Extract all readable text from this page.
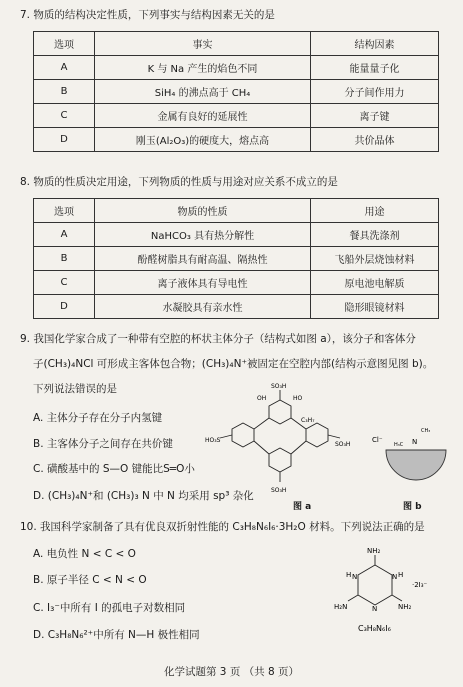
7. 物质的结构决定性质，下列事实与结构因素无关的是
选项	事实	结构因素
A	K 与 Na 产生的焰色不同	能量量子化
B	SiH₄ 的沸点高于 CH₄	分子间作用力
C	金属有良好的延展性	离子键
D	刚玉(Al₂O₃)的硬度大，熔点高	共价晶体
8. 物质的性质决定用途，下列物质的性质与用途对应关系不成立的是
选项	物质的性质	用途
A	NaHCO₃ 具有热分解性	餐具洗涤剂
B	酚醛树脂具有耐高温、隔热性	飞船外层烧蚀材料
C	离子液体具有导电性	原电池电解质
D	水凝胶具有亲水性	隐形眼镜材料
9. 我国化学家合成了一种带有空腔的杯状主体分子（结构式如图 a），该分子和客体分
子(CH₃)₄NCl 可形成主客体包合物；(CH₃)₄N⁺被固定在空腔内部(结构示意图见图 b)。
下列说法错误的是
A. 主体分子存在分子内氢键
B. 主客体分子之间存在共价键
C. 磺酸基中的 S—O 键能比S═O小
D. (CH₃)₄N⁺和 (CH₃)₃ N 中 N 均采用 sp³ 杂化
SO₃H
OH	HO
C₃H₇
HO₃S
SO₃H
SO₃H
图 a
Cl⁻	N
CH₃
H₃C
图 b
10. 我国科学家制备了具有优良双折射性能的 C₃H₈N₆I₆·3H₂O 材料。下列说法正确的是
A. 电负性 N < C < O
B. 原子半径 C < N < O
C. I₃⁻中所有 I 的孤电子对数相同
D. C₃H₈N₆²⁺中所有 N—H 极性相同
NH₂
H N	N H
·2I₃⁻
N
H₂N	NH₂
C₃H₈N₆I₆
化学试题第 3 页 （共 8 页）
